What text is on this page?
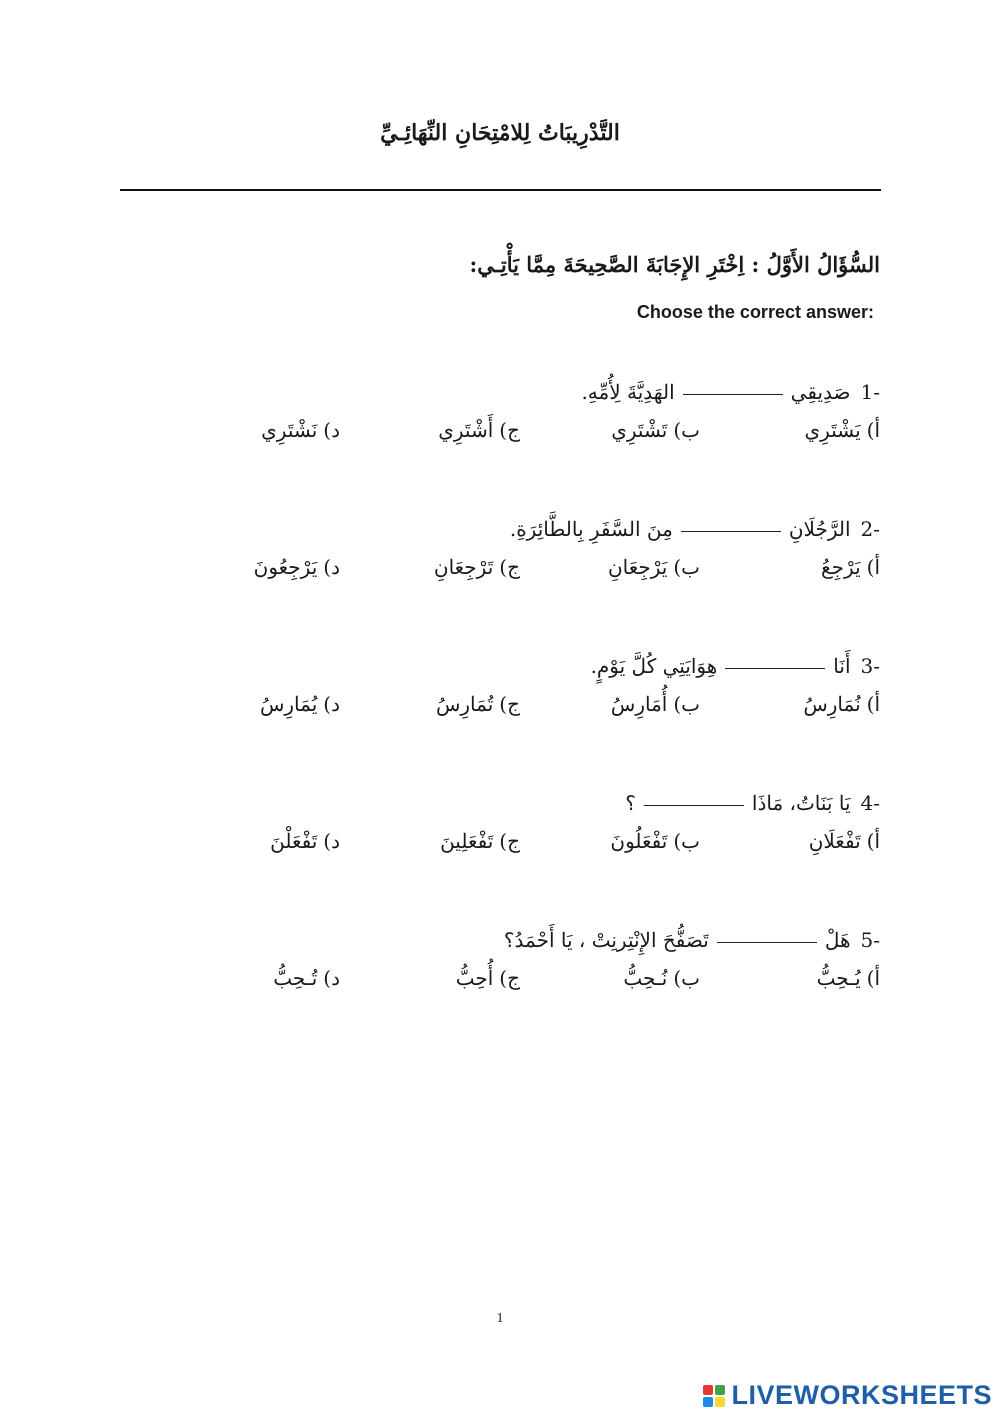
التَّدْرِيبَاتُ لِلامْتِحَانِ النِّهَائِـيِّ
السُّؤَالُ الأَوَّلُ : اِخْتَرِ الإِجَابَةَ الصَّحِيحَةَ مِمَّا يَأْتِـي:
Choose the correct answer:
1-
صَدِيقِي
الهَدِيَّةَ لِأُمِّهِ.
أ)
يَشْتَرِي
ب)
تَشْتَرِي
ج)
أَشْتَرِي
د)
نَشْتَرِي
2-
الرَّجُلَانِ
مِنَ السَّفَرِ بِالطَّائِرَةِ.
أ)
يَرْجِعُ
ب)
يَرْجِعَانِ
ج)
تَرْجِعَانِ
د)
يَرْجِعُونَ
3-
أَنَا
هِوَايَتِي كُلَّ يَوْمٍ.
أ)
نُمَارِسُ
ب)
أُمَارِسُ
ج)
تُمَارِسُ
د)
يُمَارِسُ
4-
يَا بَنَاتُ، مَاذَا
؟
أ)
تَفْعَلَانِ
ب)
تَفْعَلُونَ
ج)
تَفْعَلِينَ
د)
تَفْعَلْنَ
5-
هَلْ
تَصَفُّحَ الإِنْتِرنِتْ ، يَا أَحْمَدُ؟
أ)
يُـحِبُّ
ب)
نُـحِبُّ
ج)
أُحِبُّ
د)
تُـحِبُّ
1
LIVEWORKSHEETS
